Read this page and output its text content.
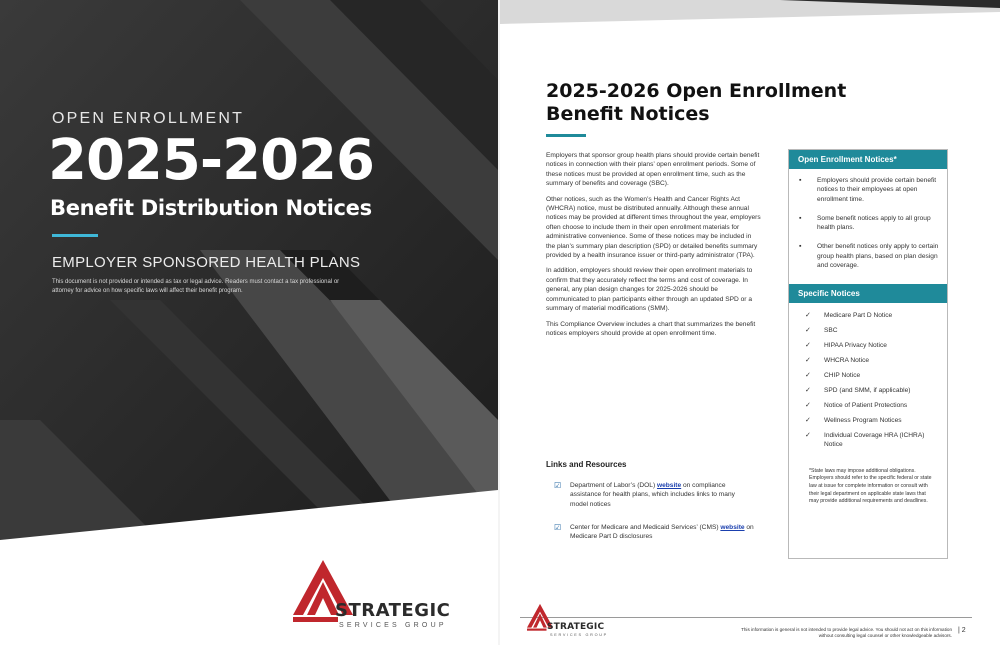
OPEN ENROLLMENT
2025-2026
Benefit Distribution Notices
EMPLOYER SPONSORED HEALTH PLANS
This document is not provided or intended as tax or legal advice. Readers must contact a tax professional or attorney for advice on how specific laws will affect their benefit program.
STRATEGIC
SERVICES GROUP
2025-2026 Open Enrollment
Benefit Notices

Employers that sponsor group health plans should provide certain benefit notices in connection with their plans’ open enrollment periods. Some of these notices must be provided at open enrollment time, such as the summary of benefits and coverage (SBC).

Other notices, such as the Women’s Health and Cancer Rights Act (WHCRA) notice, must be distributed annually. Although these annual notices may be provided at different times throughout the year, employers often choose to include them in their open enrollment materials for administrative convenience. Some of these notices may be included in the plan’s summary plan description (SPD) or detailed benefits summary provided by a health insurance issuer or third-party administrator (TPA).

In addition, employers should review their open enrollment materials to confirm that they accurately reflect the terms and cost of coverage. In general, any plan design changes for 2025-2026 should be communicated to plan participants either through an updated SPD or a summary of material modifications (SMM).

This Compliance Overview includes a chart that summarizes the benefit notices employers should provide at open enrollment time.

Links and Resources
☑ Department of Labor’s (DOL) website on compliance assistance for health plans, which includes links to many model notices
☑ Center for Medicare and Medicaid Services’ (CMS) website on Medicare Part D disclosures
Open Enrollment Notices*
▪ Employers should provide certain benefit notices to their employees at open enrollment time.
▪ Some benefit notices apply to all group health plans.
▪ Other benefit notices only apply to certain group health plans, based on plan design and coverage.
Specific Notices
✓ Medicare Part D Notice
✓ SBC
✓ HIPAA Privacy Notice
✓ WHCRA Notice
✓ CHIP Notice
✓ SPD (and SMM, if applicable)
✓ Notice of Patient Protections
✓ Wellness Program Notices
✓ Individual Coverage HRA (ICHRA) Notice
*State laws may impose additional obligations. Employers should refer to the specific federal or state law at issue for complete information or consult with their legal department on applicable state laws that may provide additional requirements and deadlines.
STRATEGIC
SERVICES GROUP
This information is general is not intended to provide legal advice. You should not act on this information without consulting legal counsel or other knowledgeable advisors.
| 2
